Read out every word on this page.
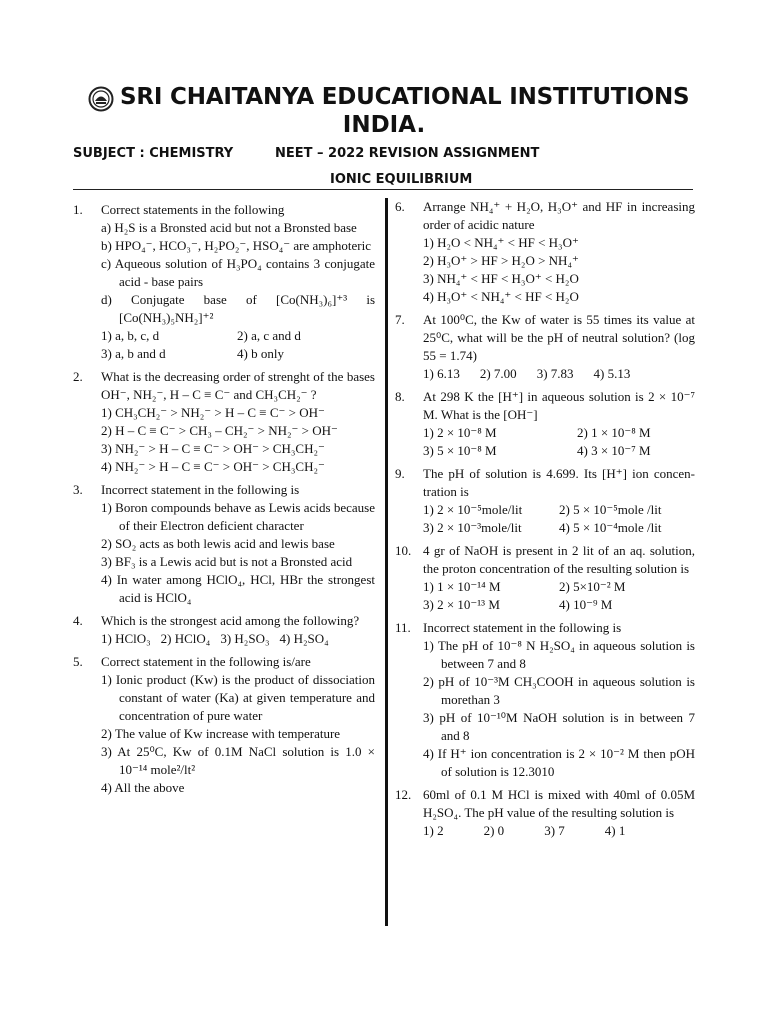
SRI CHAITANYA EDUCATIONAL INSTITUTIONS
INDIA.
SUBJECT : CHEMISTRY	NEET – 2022 REVISION ASSIGNMENT
IONIC EQUILIBRIUM
1. Correct statements in the following
a) H₂S is a Bronsted acid but not a Bronsted base
b) HPO₄⁻, HCO₃⁻, H₂PO₂⁻, HSO₄⁻ are amphoteric
c) Aqueous solution of H₃PO₄ contains 3 conjugate acid - base pairs
d) Conjugate base of [Co(NH₃)₆]⁺³ is [Co(NH₃)₅NH₂]⁺²
1) a, b, c, d	2) a, c and d
3) a, b and d	4) b only
2. What is the decreasing order of strenght of the bases OH⁻, NH₂⁻, H – C ≡ C⁻ and CH₃CH₂⁻ ?
1) CH₃CH₂⁻ > NH₂⁻ > H – C ≡ C⁻ > OH⁻
2) H – C ≡ C⁻ > CH₃ – CH₂⁻ > NH₂⁻ > OH⁻
3) NH₂⁻ > H – C ≡ C⁻ > OH⁻ > CH₃CH₂⁻
4) NH₂⁻ > H – C ≡ C⁻ > OH⁻ > CH₃CH₂⁻
3. Incorrect statement in the following is
1) Boron compounds behave as Lewis acids because of their Electron deficient character
2) SO₂ acts as both lewis acid and lewis base
3) BF₃ is a Lewis acid but is not a Bronsted acid
4) In water among HClO₄, HCl, HBr the strongest acid is HClO₄
4. Which is the strongest acid among the following?
1) HClO₃ 2) HClO₄ 3) H₂SO₃ 4) H₂SO₄
5. Correct statement in the following is/are
1) Ionic product (Kw) is the product of dissociation constant of water (Ka) at given temperature and concentration of pure water
2) The value of Kw increase with temperature
3) At 25⁰C, Kw of 0.1M NaCl solution is 1.0 × 10⁻¹⁴ mole²/lt²
4) All the above
6. Arrange NH₄⁺ + H₂O, H₃O⁺ and HF in increasing order of acidic nature
1) H₂O < NH₄⁺ < HF < H₃O⁺
2) H₃O⁺ > HF > H₂O > NH₄⁺
3) NH₄⁺ < HF < H₃O⁺ < H₂O
4) H₃O⁺ < NH₄⁺ < HF < H₂O
7. At 100⁰C, the Kw of water is 55 times its value at 25⁰C, what will be the pH of neutral solution? (log 55 = 1.74)
1) 6.13 2) 7.00 3) 7.83 4) 5.13
8. At 298 K the [H⁺] in aqueous solution is 2 × 10⁻⁷ M. What is the [OH⁻]
1) 2 × 10⁻⁸ M	2) 1 × 10⁻⁸ M
3) 5 × 10⁻⁸ M	4) 3 × 10⁻⁷ M
9. The pH of solution is 4.699. Its [H⁺] ion concen-tration is
1) 2 × 10⁻⁵mole/lit	2) 5 × 10⁻⁵mole /lit
3) 2 × 10⁻³mole/lit	4) 5 × 10⁻⁴mole /lit
10. 4 gr of NaOH is present in 2 lit of an aq. solution, the proton concentration of the resulting solution is
1) 1 × 10⁻¹⁴ M	2) 5×10⁻² M
3) 2 × 10⁻¹³ M	4) 10⁻⁹ M
11. Incorrect statement in the following is
1) The pH of 10⁻⁸ N H₂SO₄ in aqueous solution is between 7 and 8
2) pH of 10⁻³M CH₃COOH in aqueous solution is morethan 3
3) pH of 10⁻¹⁰M NaOH solution is in between 7 and 8
4) If H⁺ ion concentration is 2 × 10⁻² M then pOH of solution is 12.3010
12. 60ml of 0.1 M HCl is mixed with 40ml of 0.05M H₂SO₄. The pH value of the resulting solution is
1) 2	2) 0	3) 7	4) 1
